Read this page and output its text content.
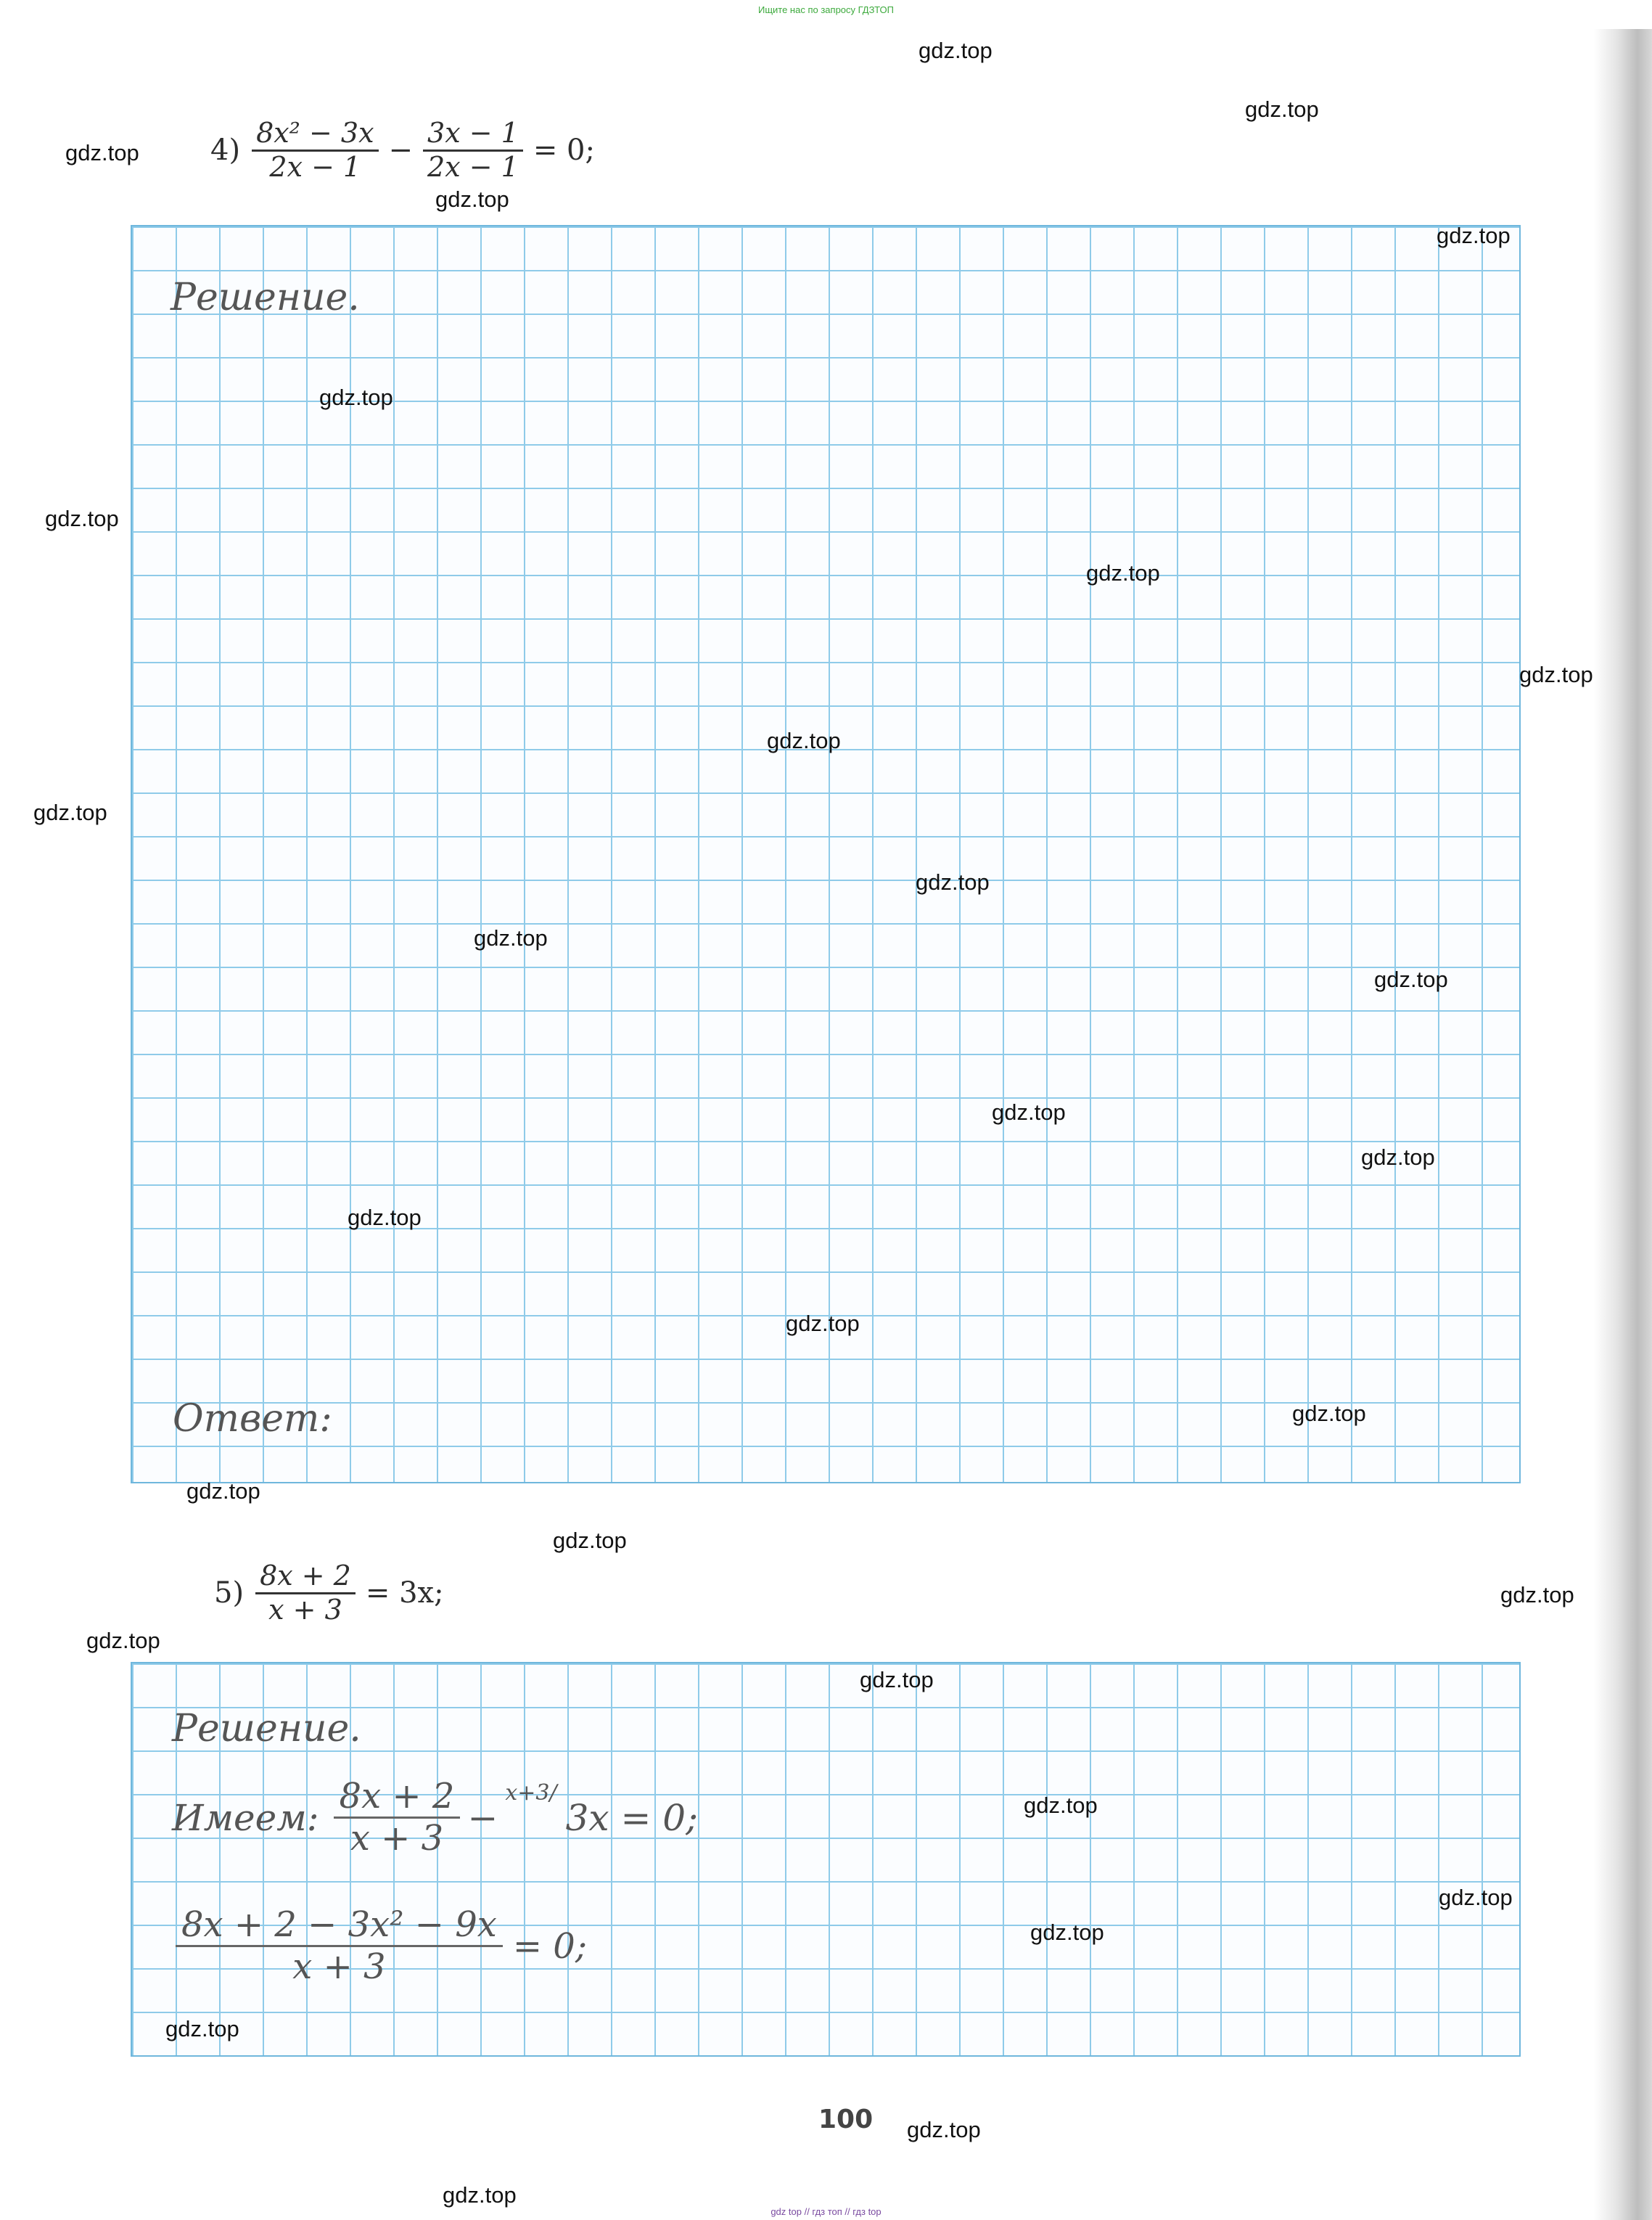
Ищите нас по запросу ГДЗТОП
$4) \frac{\text{8x² − 3x}}{2x - 1} - \frac{3x - 1}{2x - 1} = 0$;
Решение.
Ответ:
$5) \frac{8x + 2}{x + 3} = 3x$;
Решение.
Имеем: $\frac{8x + 2}{x + 3}$ −
x+3/
3x = 0;
$\frac{\text{8x + 2 − 3x² − 9x}}{x + 3} = 0$;
100
gdz.top
gdz.top
gdz.top
gdz.top
gdz.top
gdz.top
gdz.top
gdz.top
gdz.top
gdz.top
gdz.top
gdz.top
gdz.top
gdz.top
gdz.top
gdz.top
gdz.top
gdz.top
gdz.top
gdz.top
gdz.top
gdz.top
gdz.top
gdz.top
gdz.top
gdz.top
gdz.top
gdz.top
gdz.top
gdz.top
gdz top // гдз топ // гдз top
